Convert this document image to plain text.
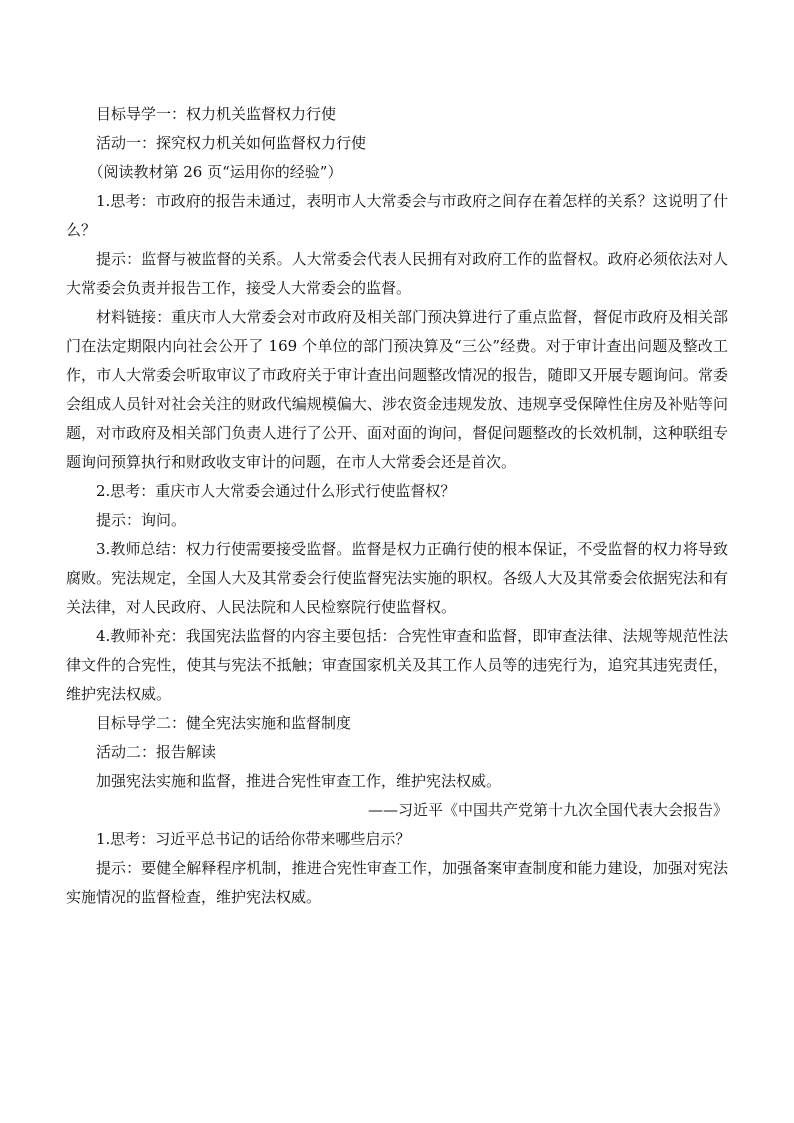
目标导学一：权力机关监督权力行使

活动一：探究权力机关如何监督权力行使

（阅读教材第 26 页“运用你的经验”）

1.思考：市政府的报告未通过，表明市人大常委会与市政府之间存在着怎样的关系？这说明了什么？

提示：监督与被监督的关系。人大常委会代表人民拥有对政府工作的监督权。政府必须依法对人大常委会负责并报告工作，接受人大常委会的监督。

材料链接：重庆市人大常委会对市政府及相关部门预决算进行了重点监督，督促市政府及相关部门在法定期限内向社会公开了 169 个单位的部门预决算及“三公”经费。对于审计查出问题及整改工作，市人大常委会听取审议了市政府关于审计查出问题整改情况的报告，随即又开展专题询问。常委会组成人员针对社会关注的财政代编规模偏大、涉农资金违规发放、违规享受保障性住房及补贴等问题，对市政府及相关部门负责人进行了公开、面对面的询问，督促问题整改的长效机制，这种联组专题询问预算执行和财政收支审计的问题，在市人大常委会还是首次。

2.思考：重庆市人大常委会通过什么形式行使监督权？

提示：询问。

3.教师总结：权力行使需要接受监督。监督是权力正确行使的根本保证，不受监督的权力将导致腐败。宪法规定，全国人大及其常委会行使监督宪法实施的职权。各级人大及其常委会依据宪法和有关法律，对人民政府、人民法院和人民检察院行使监督权。

4.教师补充：我国宪法监督的内容主要包括：合宪性审查和监督，即审查法律、法规等规范性法律文件的合宪性，使其与宪法不抵触；审查国家机关及其工作人员等的违宪行为，追究其违宪责任，维护宪法权威。

目标导学二：健全宪法实施和监督制度

活动二：报告解读

加强宪法实施和监督，推进合宪性审查工作，维护宪法权威。

——习近平《中国共产党第十九次全国代表大会报告》

1.思考：习近平总书记的话给你带来哪些启示？

提示：要健全解释程序机制，推进合宪性审查工作，加强备案审查制度和能力建设，加强对宪法实施情况的监督检查，维护宪法权威。
